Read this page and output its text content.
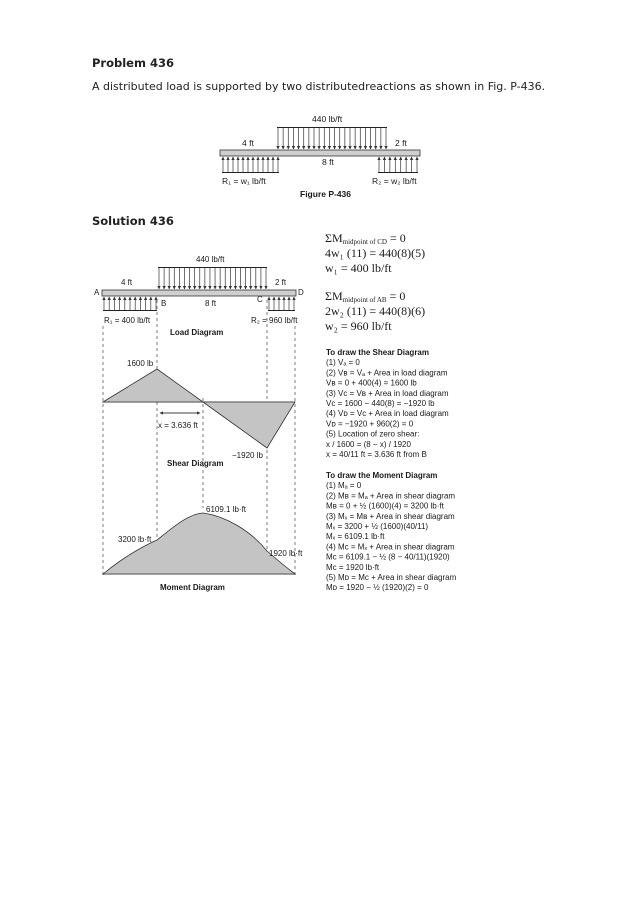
Problem 436
A distributed load is supported by two distributedreactions as shown in Fig. P-436.
Solution 436
440 lb/ft
4 ft	2 ft
8 ft
R₁ = w₁ lb/ft	R₂ = w₂ lb/ft
Figure P-436
440 lb/ft
4 ft	2 ft
A	D
B	C
8 ft
R₁ = 400 lb/ft	R₂ = 960 lb/ft
Load Diagram
1600 lb
x = 3.636 ft
−1920 lb
Shear Diagram
6109.1 lb·ft
3200 lb·ft
1920 lb·ft
Moment Diagram
ΣMmidpoint of CD = 0
4w₁ (11) = 440(8)(5)
w₁ = 400 lb/ft
ΣMmidpoint of AB = 0
2w₂ (11) = 440(8)(6)
w₂ = 960 lb/ft
To draw the Shear Diagram
(1) Vₐ = 0
(2) Vʙ = Vₐ + Area in load diagram
Vʙ = 0 + 400(4) = 1600 lb
(3) Vᴄ = Vʙ + Area in load diagram
Vᴄ = 1600 − 440(8) = −1920 lb
(4) Vᴅ = Vᴄ + Area in load diagram
Vᴅ = −1920 + 960(2) = 0
(5) Location of zero shear:
x / 1600 = (8 − x) / 1920
x = 40/11 ft = 3.636 ft from B
To draw the Moment Diagram
(1) Mₐ = 0
(2) Mʙ = Mₐ + Area in shear diagram
Mʙ = 0 + ½ (1600)(4) = 3200 lb·ft
(3) Mₓ = Mʙ + Area in shear diagram
Mₓ = 3200 + ½ (1600)(40/11)
Mₓ = 6109.1 lb·ft
(4) Mᴄ = Mₓ + Area in shear diagram
Mᴄ = 6109.1 − ½ (8 − 40/11)(1920)
Mᴄ = 1920 lb·ft
(5) Mᴅ = Mᴄ + Area in shear diagram
Mᴅ = 1920 − ½ (1920)(2) = 0
